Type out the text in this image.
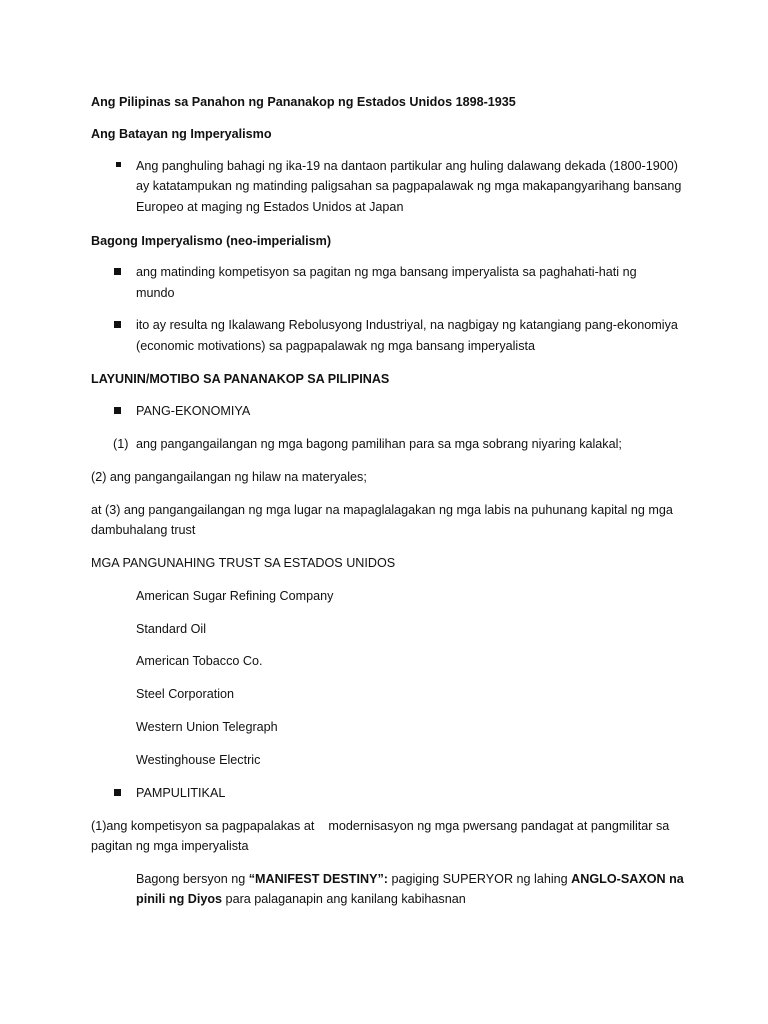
Ang Pilipinas sa Panahon ng Pananakop ng Estados Unidos 1898-1935
Ang Batayan ng Imperyalismo
Ang panghuling bahagi ng ika-19 na dantaon partikular ang huling dalawang dekada (1800-1900)
ay katatampukan ng matinding paligsahan sa pagpapalawak ng mga makapangyarihang bansang
Europeo at maging ng Estados Unidos at Japan
Bagong Imperyalismo (neo-imperialism)
ang matinding kompetisyon sa pagitan ng mga bansang imperyalista sa paghahati-hati ng
mundo
ito ay resulta ng Ikalawang Rebolusyong Industriyal, na nagbigay ng katangiang pang-ekonomiya
(economic motivations) sa pagpapalawak ng mga bansang imperyalista
LAYUNIN/MOTIBO SA PANANAKOP SA PILIPINAS
PANG-EKONOMIYA
(1) ang pangangailangan ng mga bagong pamilihan para sa mga sobrang niyaring kalakal;
(2) ang pangangailangan ng hilaw na materyales;
at (3) ang pangangailangan ng mga lugar na mapaglalagakan ng mga labis na puhunang kapital ng mga
dambuhalang trust
MGA PANGUNAHING TRUST SA ESTADOS UNIDOS
American Sugar Refining Company
Standard Oil
American Tobacco Co.
Steel Corporation
Western Union Telegraph
Westinghouse Electric
PAMPULITIKAL
(1)ang kompetisyon sa pagpapalakas at    modernisasyon ng mga pwersang pandagat at pangmilitar sa
pagitan ng mga imperyalista
Bagong bersyon ng “MANIFEST DESTINY”: pagiging SUPERYOR ng lahing ANGLO-SAXON na
pinili ng Diyos para palaganapin ang kanilang kabihasnan
